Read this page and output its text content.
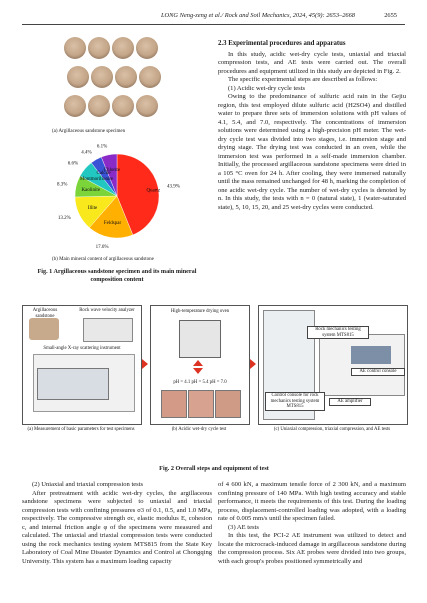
LONG Neng-zeng et al./ Rock and Soil Mechanics, 2024, 45(9): 2653–2668	2655
(a) Argillaceous sandstone specimen
Quartz
43.9%
Feldspar
17.6%
Illite
13.2%
Kaolinite
8.3%
Montmorillonite
6.6%
Calcite
4.4%
Chlorite
6.1%
(b) Main mineral content of argillaceous sandstone
Fig. 1 Argillaceous sandstone specimen and its main mineral composition content

2.3 Experimental procedures and apparatus

In this study, acidic wet-dry cycle tests, uniaxial and triaxial compression tests, and AE tests were carried out. The overall procedures and equipment utilized in this study are depicted in Fig. 2.

The specific experimental steps are described as follows:

(1) Acidic wet-dry cycle tests

Owing to the predominance of sulfuric acid rain in the Gejiu region, this test employed dilute sulfuric acid (H2SO4) and distilled water to prepare three sets of immersion solutions with pH values of 4.1, 5.4, and 7.0, respectively. The concentrations of immersion solutions were determined using a high-precision pH meter. The wet-dry cycle test was divided into two stages, i.e. immersion stage and drying stage. The drying test was conducted in an oven, while the immersion test was performed in a self-made immersion chamber. Initially, the processed argillaceous sandstone specimens were dried in a 105 °C oven for 24 h. After cooling, they were immersed naturally until the mass remained unchanged for 48 h, marking the completion of one acidic wet-dry cycle. The number of wet-dry cycles is denoted by n. In this study, the tests with n = 0 (natural state), 1 (water-saturated state), 5, 10, 15, 20, and 25 wet-dry cycles were conducted.

Argillaceous sandstone
Rock wave velocity analyzer
Small-angle X-ray scattering instrument
(a) Measurement of basic parameters for test specimens
High-temperature drying oven
pH = 4.1 pH = 5.4 pH = 7.0
(b) Acidic wet-dry cycle test
Rock mechanics testing system MTS815
AE control console
Control console for rock mechanics testing system MTS815
AE amplifier
(c) Uniaxial compression, triaxial compression, and AE tests
Fig. 2 Overall steps and equipment of test

(2) Uniaxial and triaxial compression tests

After pretreatment with acidic wet-dry cycles, the argillaceous sandstone specimens were subjected to uniaxial and triaxial compression tests with confining pressures σ3 of 0.1, 0.5, and 1.0 MPa, respectively. The compressive strength σc, elastic modulus E, cohesion c, and internal friction angle φ of the specimens were measured and calculated. The uniaxial and triaxial compression tests were conducted using the rock mechanics testing system MTS815 from the State Key Laboratory of Coal Mine Disaster Dynamics and Control at Chongqing University. This system has a maximum loading capacity

of 4 600 kN, a maximum tensile force of 2 300 kN, and a maximum confining pressure of 140 MPa. With high testing accuracy and stable performance, it meets the requirements of this test. During the loading process, displacement-controlled loading was adopted, with a loading rate of 0.005 mm/s until the specimen failed.

(3) AE tests

In this test, the PCI-2 AE instrument was utilized to detect and locate the microcrack-induced damage in argillaceous sandstone during the compression process. Six AE probes were divided into two groups, with each group's probes positioned symmetrically and
